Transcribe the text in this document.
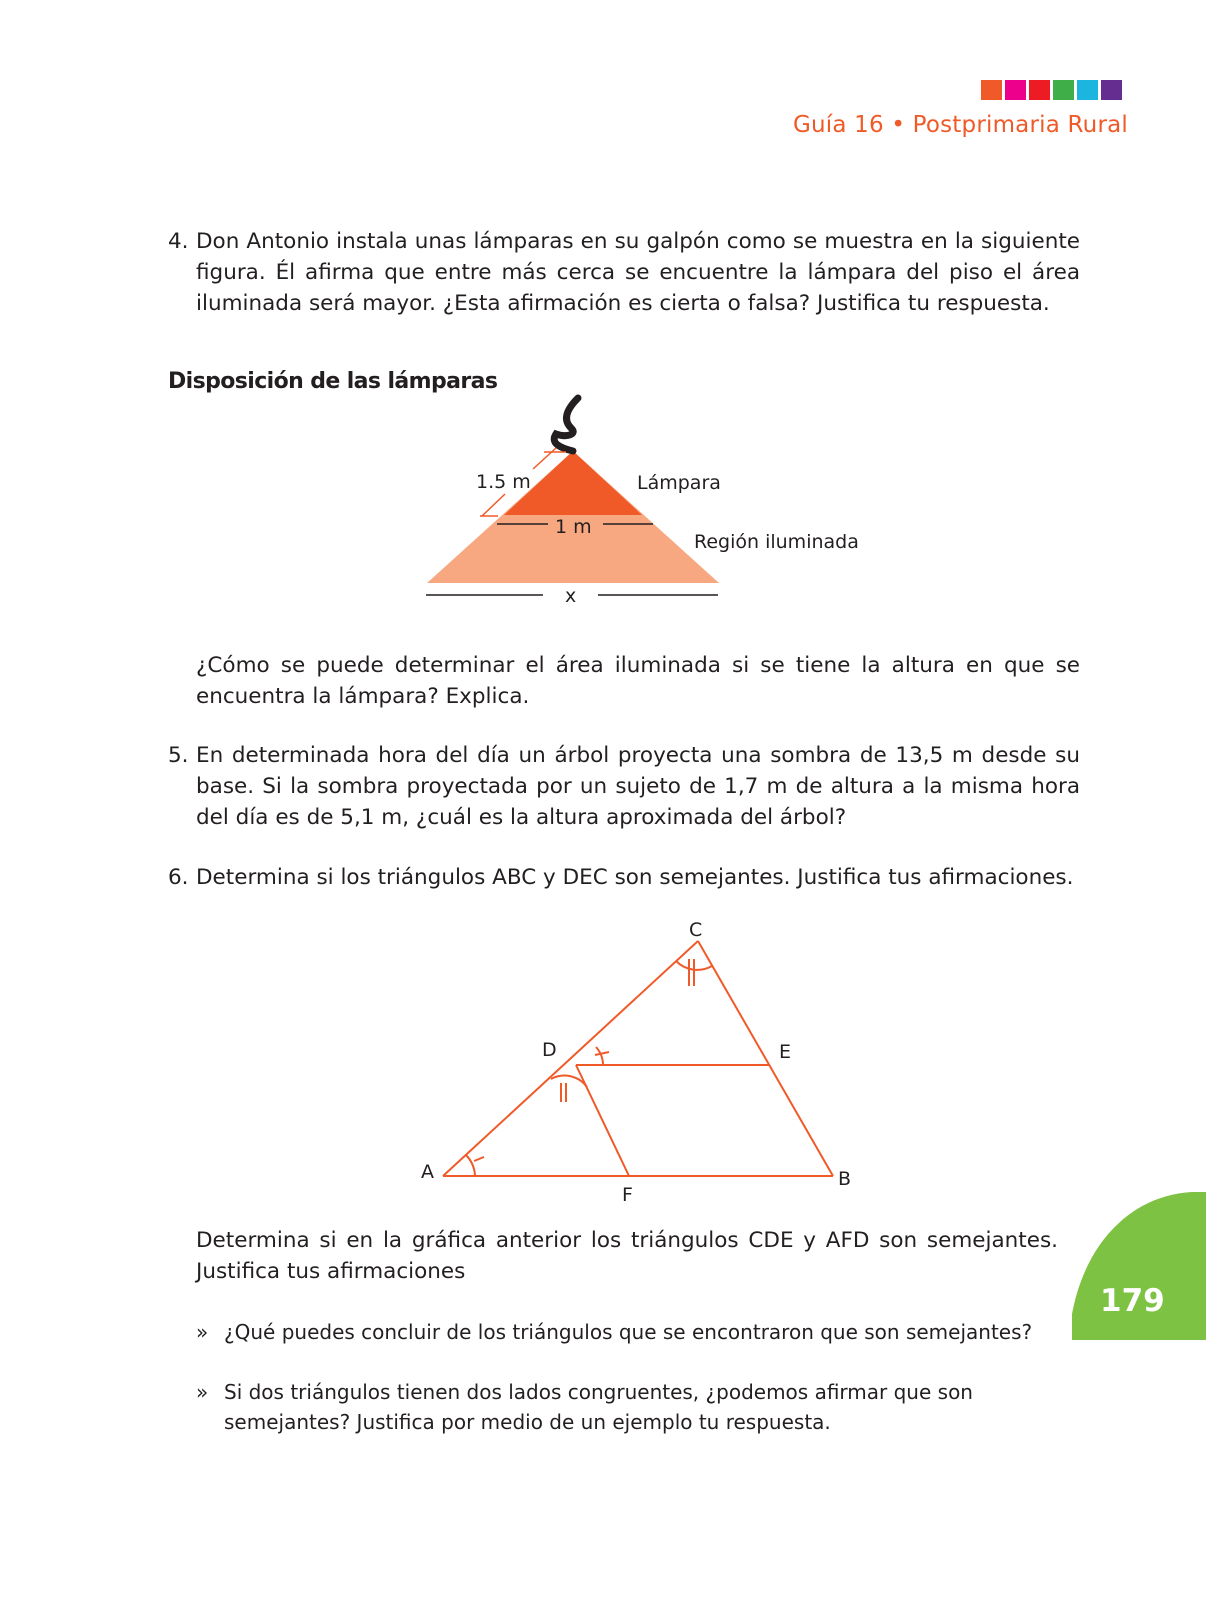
Guía 16 • Postprimaria Rural
4. Don Antonio instala unas lámparas en su galpón como se muestra en la siguiente figura. Él afirma que entre más cerca se encuentre la lámpara del piso el área iluminada será mayor. ¿Esta afirmación es cierta o falsa? Justifica tu respuesta.
Disposición de las lámparas
1.5 m	Lámpara
1 m
Región iluminada
x
¿Cómo se puede determinar el área iluminada si se tiene la altura en que se encuentra la lámpara? Explica.
5. En determinada hora del día un árbol proyecta una sombra de 13,5 m desde su base. Si la sombra proyectada por un sujeto de 1,7 m de altura a la misma hora del día es de 5,1 m, ¿cuál es la altura aproximada del árbol?
6. Determina si los triángulos ABC y DEC son semejantes. Justifica tus afirmaciones.
C
D	E
A	B
F
Determina si en la gráfica anterior los triángulos CDE y AFD son semejantes. Justifica tus afirmaciones
» ¿Qué puedes concluir de los triángulos que se encontraron que son semejantes?
» Si dos triángulos tienen dos lados congruentes, ¿podemos afirmar que son semejantes? Justifica por medio de un ejemplo tu respuesta.
179
